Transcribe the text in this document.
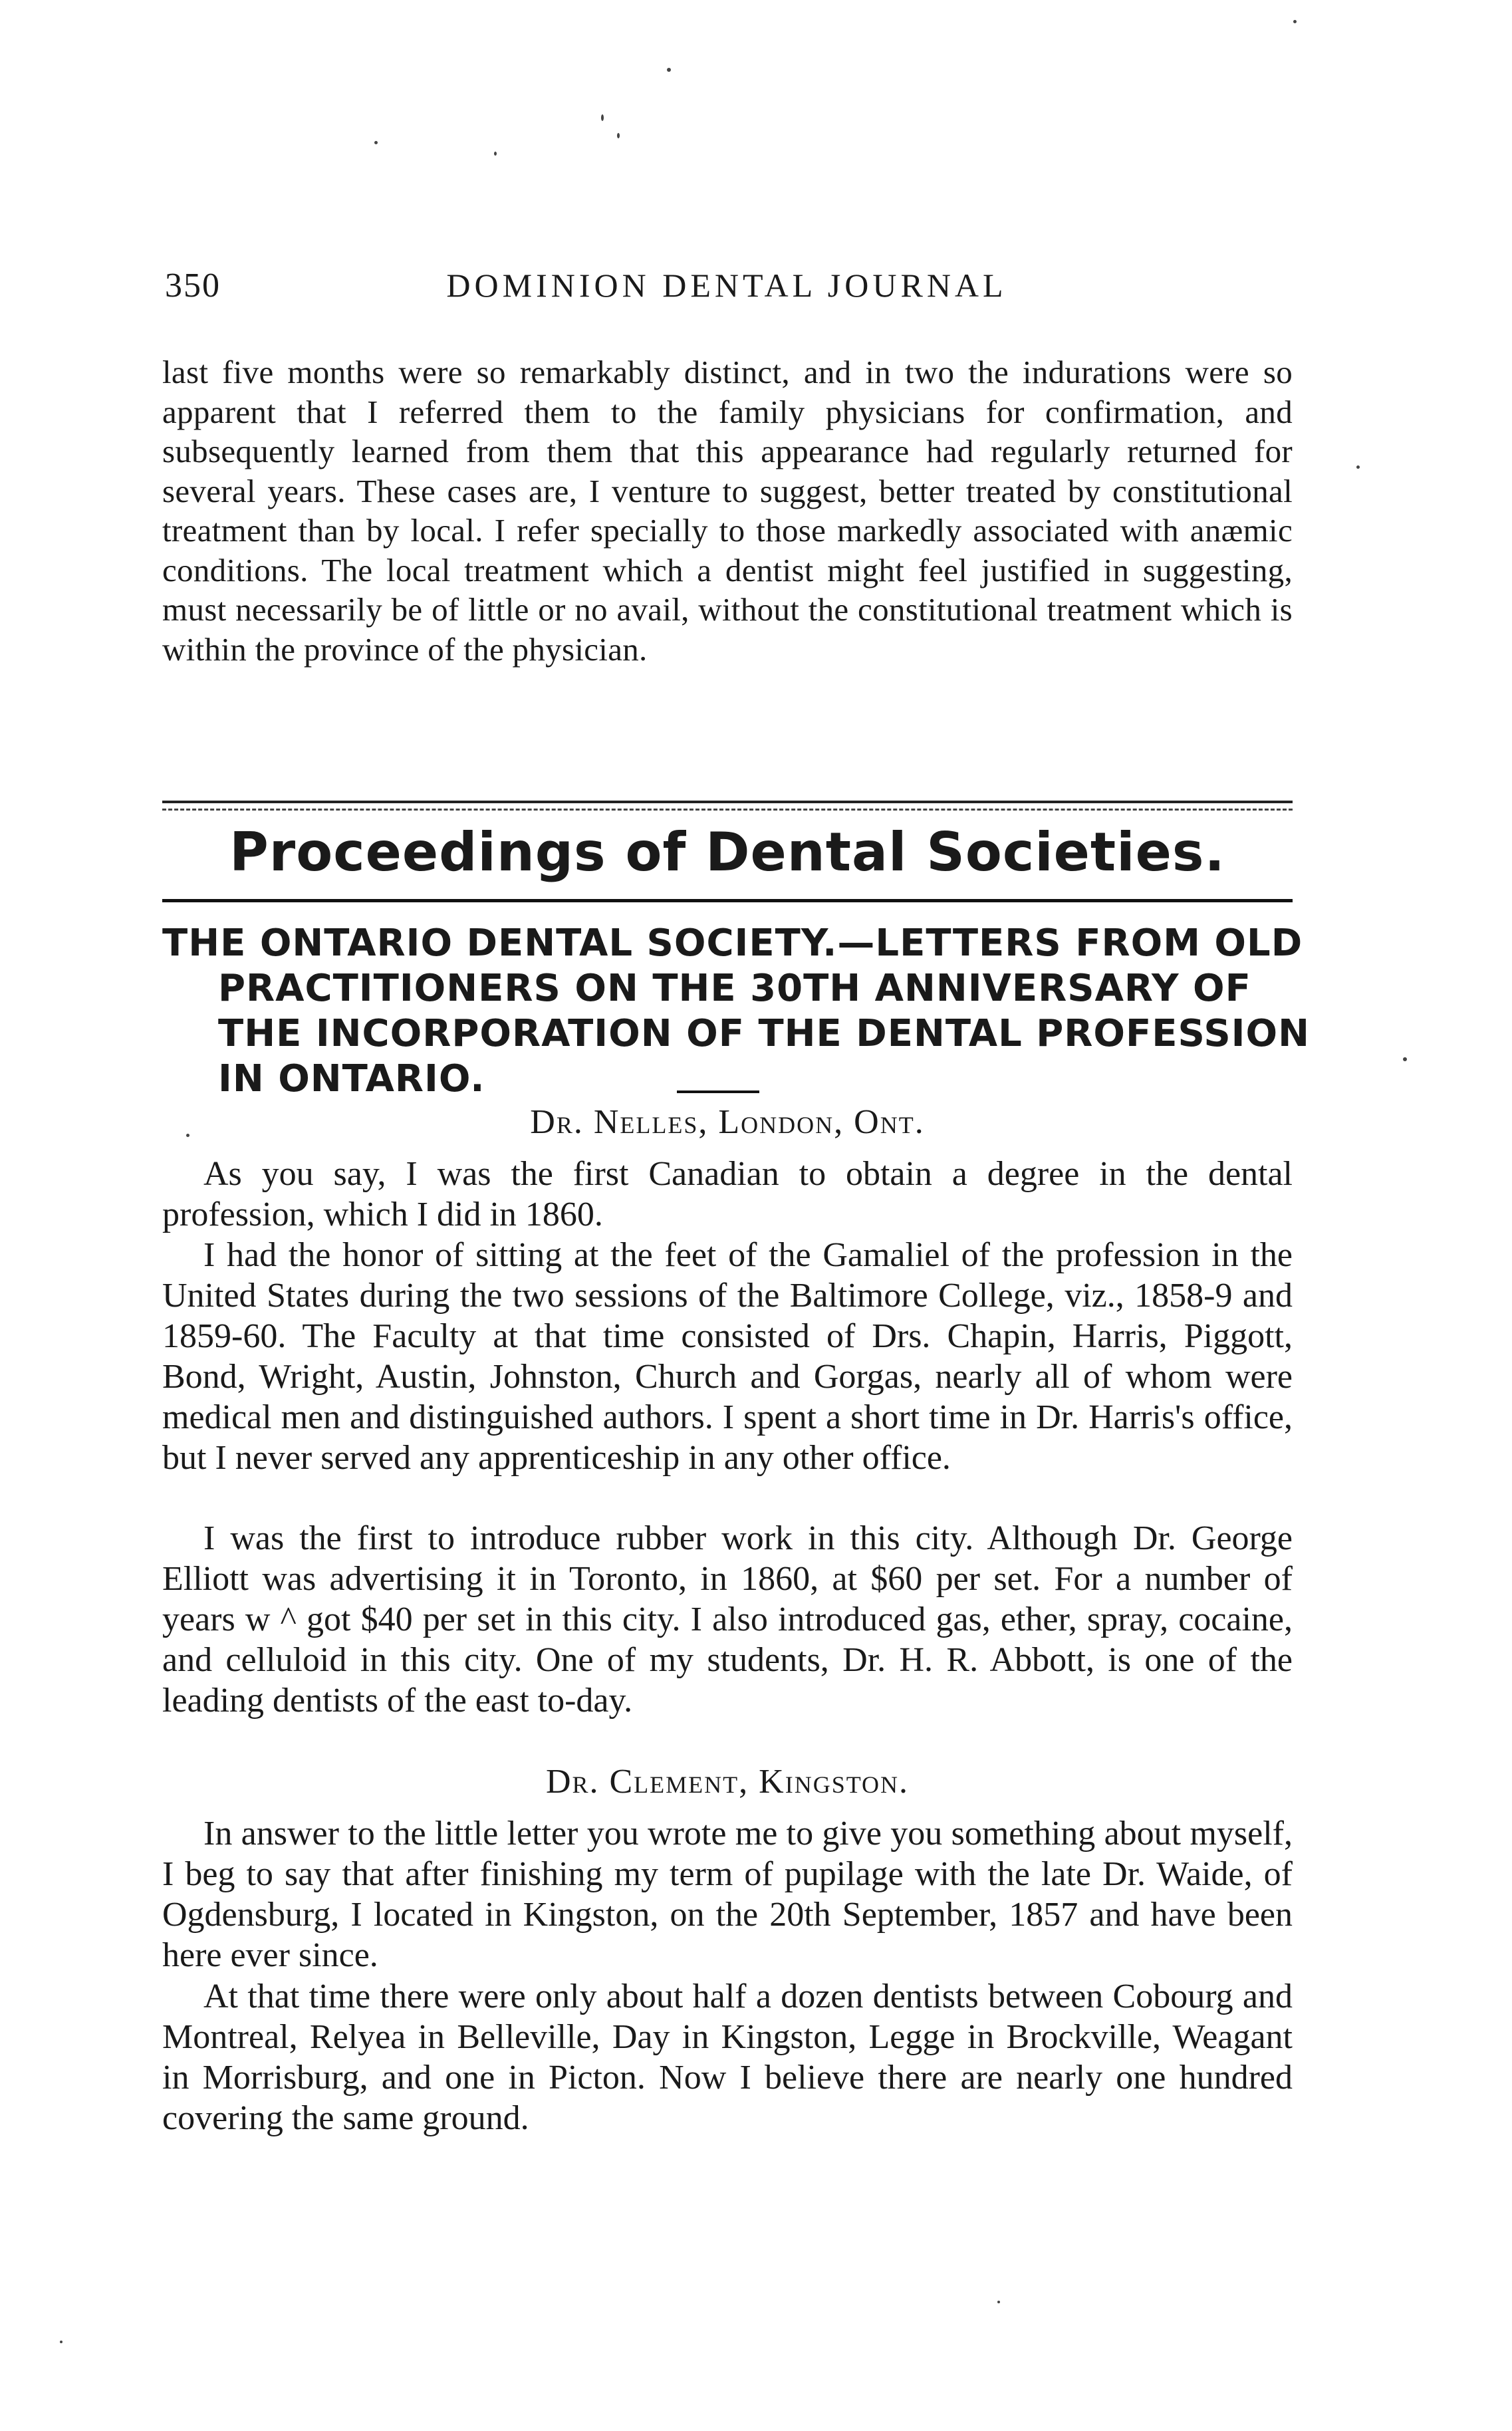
350	DOMINION DENTAL JOURNAL

last five months were so remarkably distinct, and in two the indurations were so apparent that I referred them to the family physicians for confirmation, and subsequently learned from them that this appearance had regularly returned for several years. These cases are, I venture to suggest, better treated by constitutional treatment than by local. I refer specially to those markedly associated with anæmic conditions. The local treatment which a dentist might feel justified in suggesting, must necessarily be of little or no avail, without the constitutional treatment which is within the province of the physician.

Proceedings of Dental Societies.
THE ONTARIO DENTAL SOCIETY.—LETTERS FROM OLD
PRACTITIONERS ON THE 30TH ANNIVERSARY OF
THE INCORPORATION OF THE DENTAL PROFESSION
IN ONTARIO.
Dr. Nelles, London, Ont.

As you say, I was the first Canadian to obtain a degree in the dental profession, which I did in 1860.

I had the honor of sitting at the feet of the Gamaliel of the profession in the United States during the two sessions of the Baltimore College, viz., 1858-9 and 1859-60. The Faculty at that time consisted of Drs. Chapin, Harris, Piggott, Bond, Wright, Austin, Johnston, Church and Gorgas, nearly all of whom were medical men and distinguished authors. I spent a short time in Dr. Harris's office, but I never served any apprenticeship in any other office.

I was the first to introduce rubber work in this city. Although Dr. George Elliott was advertising it in Toronto, in 1860, at $60 per set. For a number of years w ^ got $40 per set in this city. I also introduced gas, ether, spray, cocaine, and celluloid in this city. One of my students, Dr. H. R. Abbott, is one of the leading dentists of the east to-day.

Dr. Clement, Kingston.

In answer to the little letter you wrote me to give you something about myself, I beg to say that after finishing my term of pupilage with the late Dr. Waide, of Ogdensburg, I located in Kingston, on the 20th September, 1857 and have been here ever since.

At that time there were only about half a dozen dentists between Cobourg and Montreal, Relyea in Belleville, Day in Kingston, Legge in Brockville, Weagant in Morrisburg, and one in Picton. Now I believe there are nearly one hundred covering the same ground.
